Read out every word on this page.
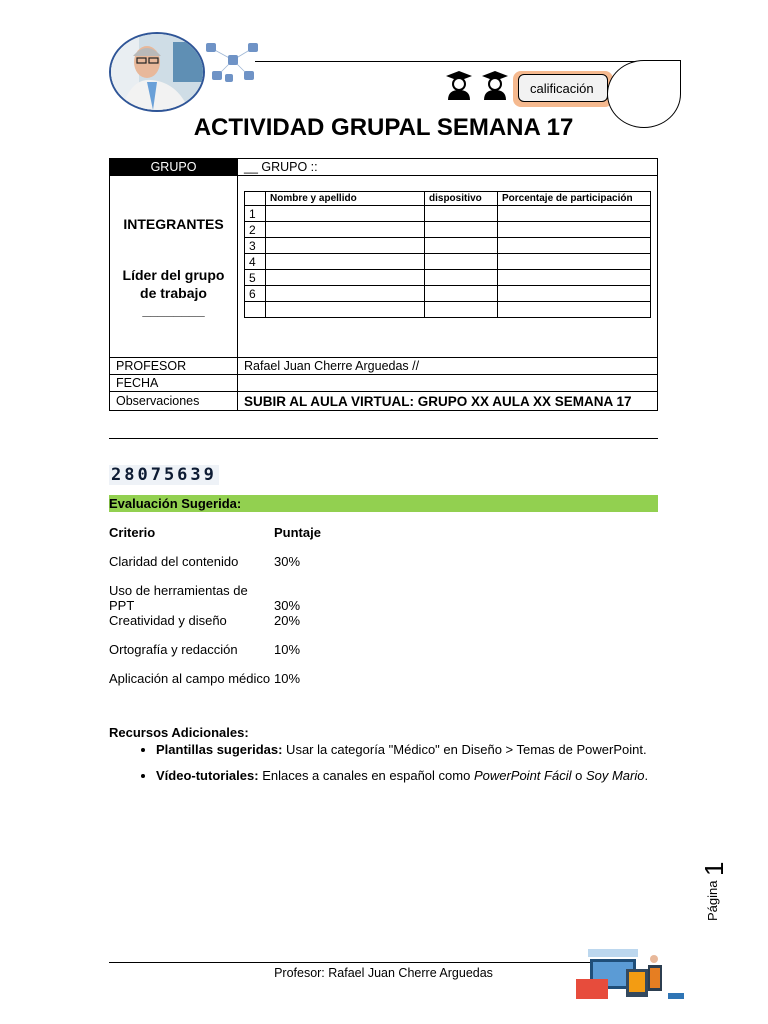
calificación
ACTIVIDAD GRUPAL SEMANA 17
GRUPO	__ GRUPO ::

INTEGRANTES
Líder del grupo de trabajo
________

	Nombre y apellido	dispositivo	Porcentaje de participación
1			
2			
3			
4			
5			
6			

PROFESOR	Rafael Juan Cherre Arguedas //
FECHA	
Observaciones	SUBIR AL AULA VIRTUAL: GRUPO XX AULA XX SEMANA 17
28075639
Evaluación Sugerida:
Criterio	Puntaje
Claridad del contenido	30%
Uso de herramientas de PPT	30%
Creatividad y diseño	20%
Ortografía y redacción	10%
Aplicación al campo médico 10%
Recursos Adicionales:
• Plantillas sugeridas: Usar la categoría "Médico" en Diseño > Temas de PowerPoint.
• Vídeo-tutoriales: Enlaces a canales en español como PowerPoint Fácil o Soy Mario.
Página
1
Profesor: Rafael Juan Cherre Arguedas
